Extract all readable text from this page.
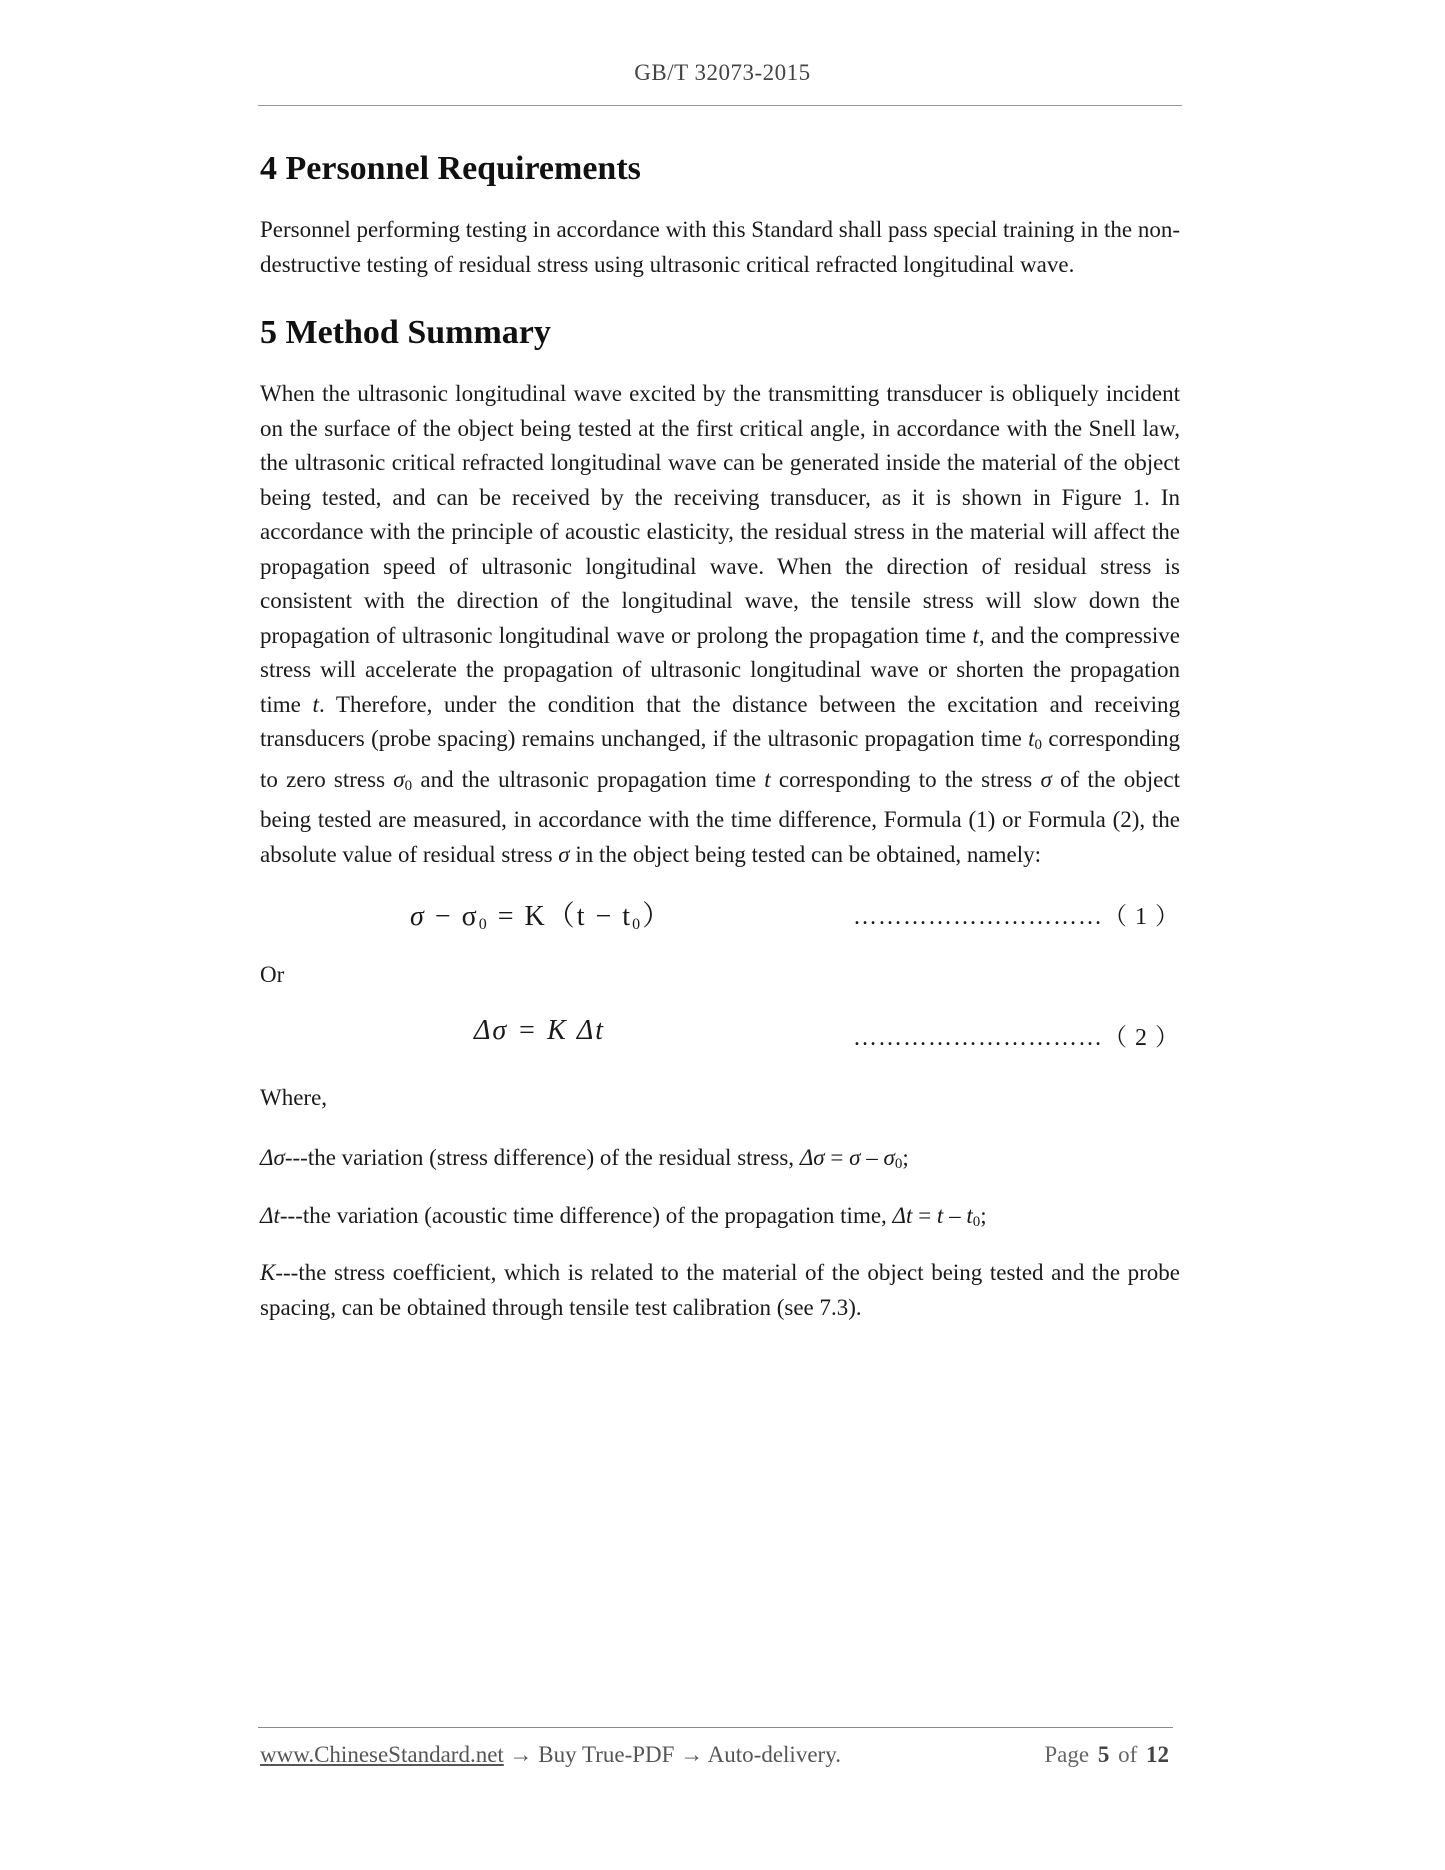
GB/T 32073-2015
4 Personnel Requirements

Personnel performing testing in accordance with this Standard shall pass special training in the non-destructive testing of residual stress using ultrasonic critical refracted longitudinal wave.

5 Method Summary

When the ultrasonic longitudinal wave excited by the transmitting transducer is obliquely incident on the surface of the object being tested at the first critical angle, in accordance with the Snell law, the ultrasonic critical refracted longitudinal wave can be generated inside the material of the object being tested, and can be received by the receiving transducer, as it is shown in Figure 1. In accordance with the principle of acoustic elasticity, the residual stress in the material will affect the propagation speed of ultrasonic longitudinal wave. When the direction of residual stress is consistent with the direction of the longitudinal wave, the tensile stress will slow down the propagation of ultrasonic longitudinal wave or prolong the propagation time t, and the compressive stress will accelerate the propagation of ultrasonic longitudinal wave or shorten the propagation time t. Therefore, under the condition that the distance between the excitation and receiving transducers (probe spacing) remains unchanged, if the ultrasonic propagation time $t_0$ corresponding to zero stress $\sigma_0$ and the ultrasonic propagation time t corresponding to the stress σ of the object being tested are measured, in accordance with the time difference, Formula (1) or Formula (2), the absolute value of residual stress σ in the object being tested can be obtained, namely:

σ − σ0 = K（t − t0）	…………………………（ 1 ）

Or

Δσ = K Δt	…………………………（ 2 ）

Where,

Δσ---the variation (stress difference) of the residual stress, $\Delta\sigma = \sigma - \sigma_0$;

Δt---the variation (acoustic time difference) of the propagation time, $\Delta t = t - t_0$;

K---the stress coefficient, which is related to the material of the object being tested and the probe spacing, can be obtained through tensile test calibration (see 7.3).

www.ChineseStandard.net → Buy True-PDF → Auto-delivery.	Page 5 of 12
